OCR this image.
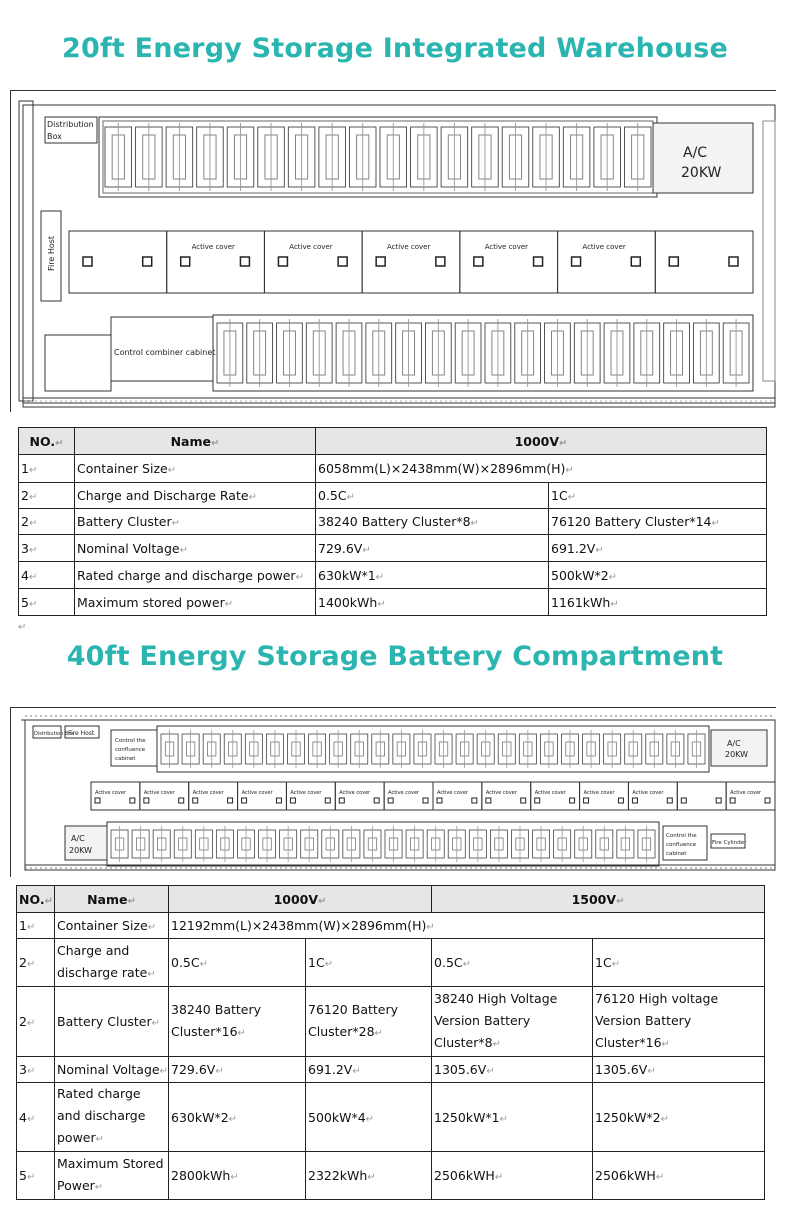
20ft Energy Storage Integrated Warehouse
Distribution
Box
Fire Host
A/C
20KW
Active cover	Active cover	Active cover	Active cover	Active cover
Control combiner cabinet
NO. ↵	Name ↵	1000V ↵
1 ↵	Container Size ↵	6058mm(L)×2438mm(W)×2896mm(H) ↵
2 ↵	Charge and Discharge Rate ↵	0.5C ↵	1C ↵
2 ↵	Battery Cluster ↵	38240 Battery Cluster*8 ↵	76120 Battery Cluster*14 ↵
3 ↵	Nominal Voltage ↵	729.6V ↵	691.2V ↵
4 ↵	Rated charge and discharge power ↵	630kW*1 ↵	500kW*2 ↵
5 ↵	Maximum stored power ↵	1400kWh ↵	1161kWh ↵
↵
40ft Energy Storage Battery Compartment
Distribution Box
Fire Host
Control the
confluence
cabinet
A/C
20KW
Active cover	Active cover	Active cover	Active cover	Active cover	Active cover	Active cover	Active cover	Active cover	Active cover	Active cover	Active cover	Active cover
A/C
20KW
Control the
confluence
cabinet
Fire Cylinder
NO. ↵	Name ↵	1000V ↵		1500V ↵
1 ↵	Container Size ↵	12192mm(L)×2438mm(W)×2896mm(H) ↵
2 ↵	Charge and discharge rate ↵	0.5C ↵	1C ↵	0.5C ↵	1C ↵
2 ↵	Battery Cluster ↵	38240 Battery Cluster*16 ↵	76120 Battery Cluster*28 ↵	38240 High Voltage Version Battery Cluster*8 ↵	76120 High voltage Version Battery Cluster*16 ↵
3 ↵	Nominal Voltage ↵	729.6V ↵	691.2V ↵	1305.6V ↵	1305.6V ↵
4 ↵	Rated charge and discharge power ↵	630kW*2 ↵	500kW*4 ↵	1250kW*1 ↵	1250kW*2 ↵
5 ↵	Maximum Stored Power ↵	2800kWh ↵	2322kWh ↵	2506kWH ↵	2506kWH ↵
